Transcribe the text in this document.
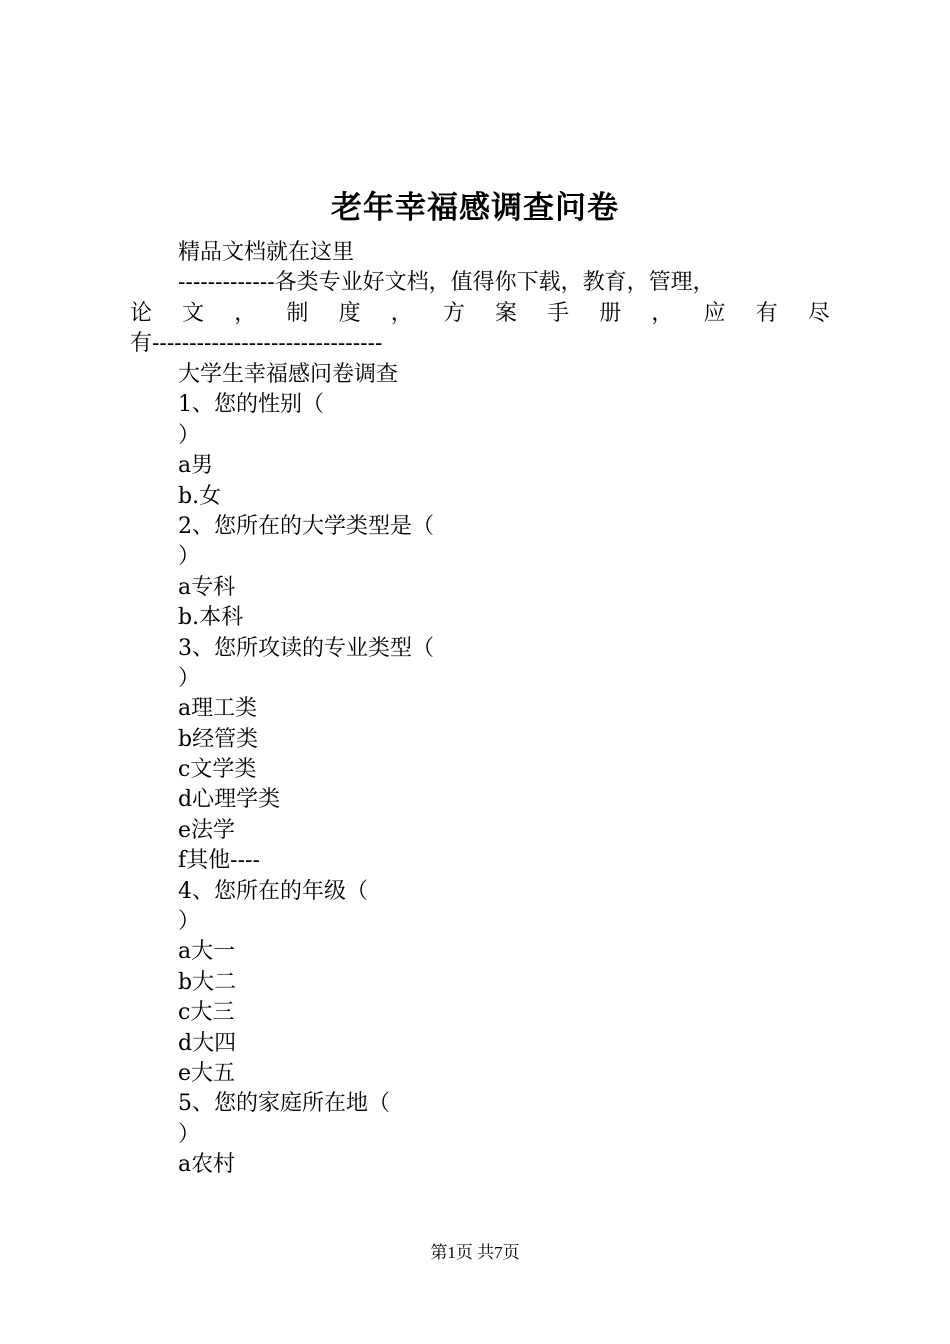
老年幸福感调查问卷
精品文档就在这里
-------------各类专业好文档，值得你下载，教育，管理，
论 文 ， 制 度 ， 方 案 手 册 ， 应 有 尽
有-------------------------------
大学生幸福感问卷调查
1、您的性别（
）
a男
b.女
2、您所在的大学类型是（
）
a专科
b.本科
3、您所攻读的专业类型（
）
a理工类
b经管类
c文学类
d心理学类
e法学
f其他----
4、您所在的年级（
）
a大一
b大二
c大三
d大四
e大五
5、您的家庭所在地（
）
a农村
第1页 共7页
